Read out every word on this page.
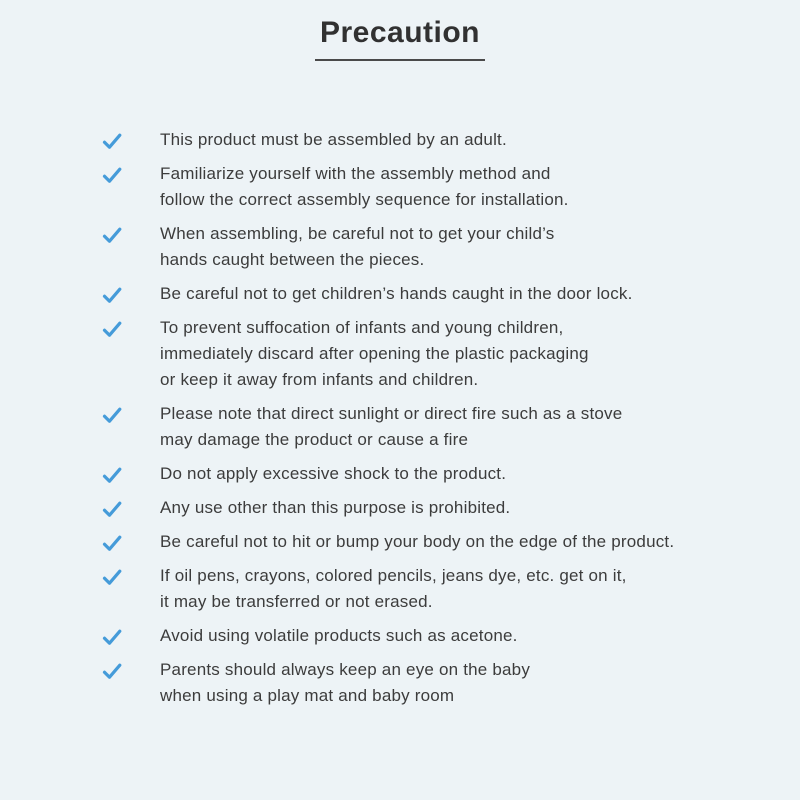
Precaution
This product must be assembled by an adult.
Familiarize yourself with the assembly method and
follow the correct assembly sequence for installation.
When assembling, be careful not to get your child’s
hands caught between the pieces.
Be careful not to get children’s hands caught in the door lock.
To prevent suffocation of infants and young children,
immediately discard after opening the plastic packaging
or keep it away from infants and children.
Please note that direct sunlight or direct fire such as a stove
may damage the product or cause a fire
Do not apply excessive shock to the product.
Any use other than this purpose is prohibited.
Be careful not to hit or bump your body on the edge of the product.
If oil pens, crayons, colored pencils, jeans dye, etc. get on it,
it may be transferred or not erased.
Avoid using volatile products such as acetone.
Parents should always keep an eye on the baby
when using a play mat and baby room
